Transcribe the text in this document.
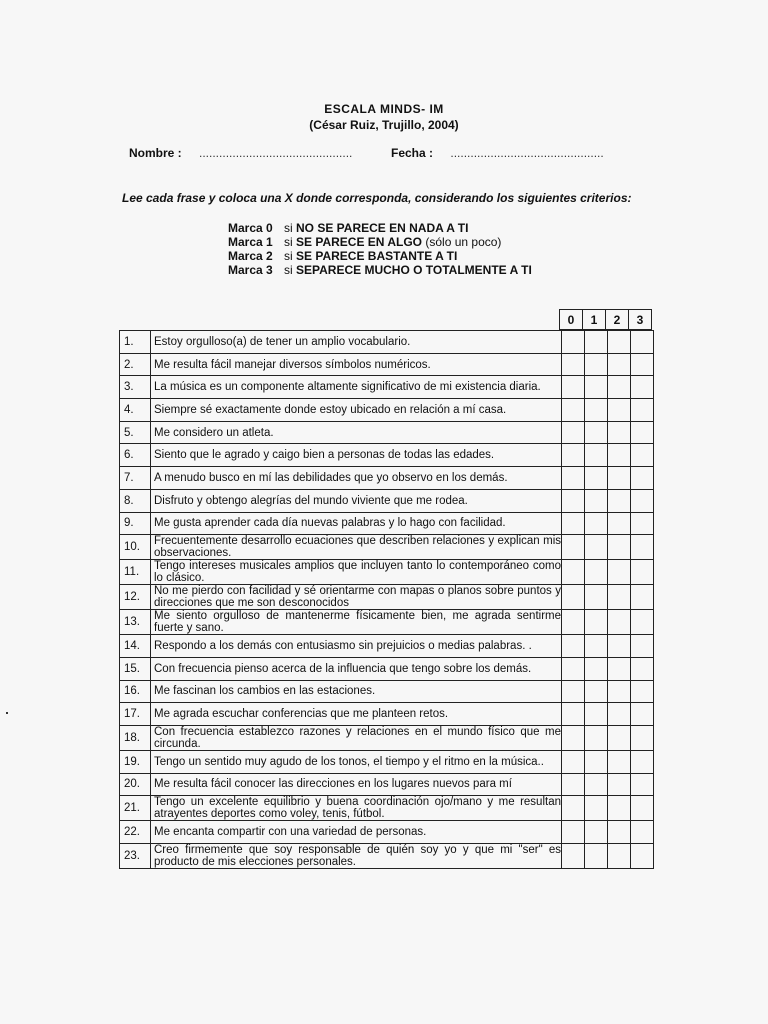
ESCALA MINDS- IM
(César Ruiz, Trujillo, 2004)
Nombre : ..............................................	Fecha : ..............................................
Lee cada frase y coloca una X donde corresponda, considerando los siguientes criterios:
Marca 0 si NO SE PARECE EN NADA A TI
Marca 1 si SE PARECE EN ALGO (sólo un poco)
Marca 2 si SE PARECE BASTANTE A TI
Marca 3 si SEPARECE MUCHO O TOTALMENTE A TI
0	1	2	3
1.	Estoy orgulloso(a) de tener un amplio vocabulario.				
2.	Me resulta fácil manejar diversos símbolos numéricos.				
3.	La música es un componente altamente significativo de mi existencia diaria.				
4.	Siempre sé exactamente donde estoy ubicado en relación a mí casa.				
5.	Me considero un atleta.				
6.	Siento que le agrado y caigo bien a personas de todas las edades.				
7.	A menudo busco en mí las debilidades que yo observo en los demás.				
8.	Disfruto y obtengo alegrías del mundo viviente que me rodea.				
9.	Me gusta aprender cada día nuevas palabras y lo hago con facilidad.				
10.	Frecuentemente desarrollo ecuaciones que describen relaciones y explican mis observaciones.				
11.	Tengo intereses musicales amplios que incluyen tanto lo contemporáneo como lo clásico.				
12.	No me pierdo con facilidad y sé orientarme con mapas o planos sobre puntos y direcciones que me son desconocidos				
13.	Me siento orgulloso de mantenerme físicamente bien, me agrada sentirme fuerte y sano.				
14.	Respondo a los demás con entusiasmo sin prejuicios o medias palabras. .				
15.	Con frecuencia pienso acerca de la influencia que tengo sobre los demás.				
16.	Me fascinan los cambios en las estaciones.				
17.	Me agrada escuchar conferencias que me planteen retos.				
18.	Con frecuencia establezco razones y relaciones en el mundo físico que me circunda.				
19.	Tengo un sentido muy agudo de los tonos, el tiempo y el ritmo en la música..				
20.	Me resulta fácil conocer las direcciones en los lugares nuevos para mí				
21.	Tengo un excelente equilibrio y buena coordinación ojo/mano y me resultan atrayentes deportes como voley, tenis, fútbol.				
22.	Me encanta compartir con una variedad de personas.				
23.	Creo firmemente que soy responsable de quién soy yo y que mi "ser" es producto de mis elecciones personales.				
